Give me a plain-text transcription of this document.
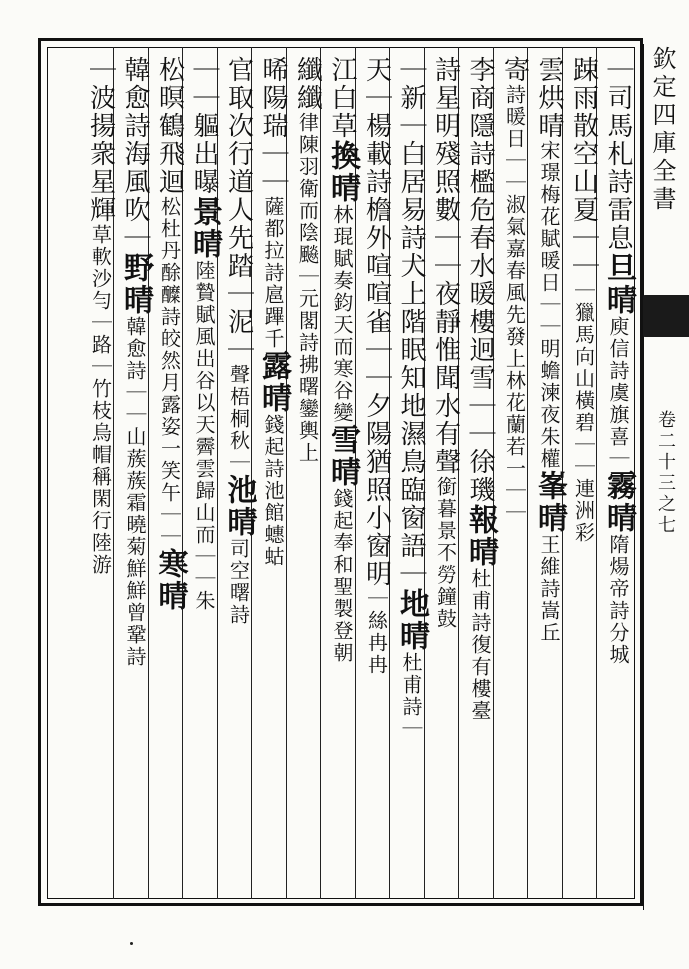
欽定四庫全書
卷二十三之七
｜司馬札詩雷息
旦晴
庾信詩虞旗喜｜
霧晴
隋煬帝詩分城
踈雨散空山夏｜｜
｜獵馬向山橫
碧｜｜連洲彩
雲烘晴
宋璟梅花賦暖日｜｜明蟾湅夜朱權
峯晴
王維詩嵩丘
寄
詩暖日｜｜淑氣嘉春風先發上林花
蘭若一｜｜
李商隱詩檻危春水暖樓迥雪｜｜徐璣
報晴
杜甫詩復有樓臺
詩星明殘照數｜｜夜靜惟聞水有聲
銜暮景不勞鐘鼓
｜新｜白居易詩犬上階眠知地濕鳥臨窗語｜
地晴
杜甫詩｜
天｜楊載詩檐外喧喧雀｜｜夕陽猶照小窗明
｜絲冉冉
江白草
換晴
林琨賦奏鈞天而寒谷變
雪晴
錢起奉和聖製登朝
纖纖
律陳羽衛而陰飈｜
元閣詩拂曙鑾輿上
晞陽瑞｜｜
薩都拉詩扈蹕千
露晴
錢起詩池館蟪蛄
官取次行道人先踏｜泥｜
聲梧桐秋｜
池晴
司空曙詩
｜｜軀出曝
景晴
陸贄賦風出谷以天霽雲歸山而｜｜
朱
松暝鶴飛迴
松杜丹酴醾詩皎然月露姿一笑午｜｜
寒晴
韓愈詩海風吹｜
野晴
韓愈詩｜｜山蔟蔟霜曉菊鮮鮮曾鞏詩
｜波揚衆星輝
草軟沙勻｜路｜竹枝烏帽稱閑行陸游
